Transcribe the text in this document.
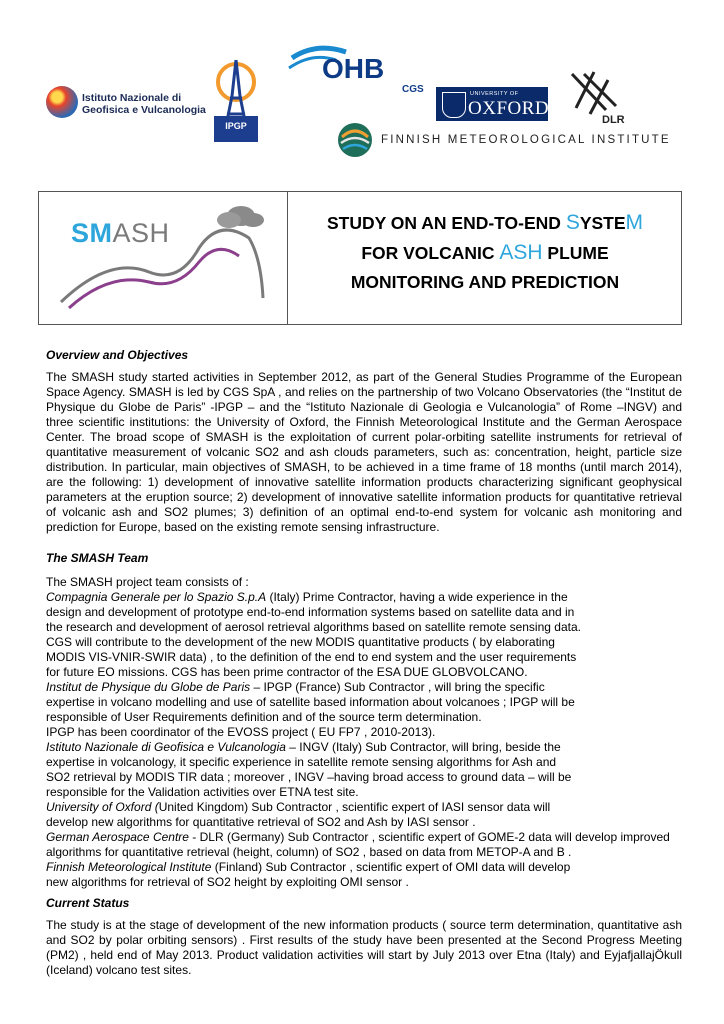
Istituto Nazionale di
Geofisica e Vulcanologia
IPGP
OHB
CGS	UNIVERSITY OF
OXFORD
DLR
FINNISH METEOROLOGICAL INSTITUTE
SMASH	STUDY ON AN END-TO-END SYSTEM
FOR VOLCANIC ASH PLUME
MONITORING AND PREDICTION
Overview and Objectives

The SMASH study started activities in September 2012, as part of the General Studies Programme of the European Space Agency. SMASH is led by CGS SpA , and relies on the partnership of two Volcano Observatories (the “Institut de Physique du Globe de Paris” -IPGP – and the “Istituto Nazionale di Geologia e Vulcanologia” of Rome –INGV) and three scientific institutions: the University of Oxford, the Finnish Meteorological Institute and the German Aerospace Center. The broad scope of SMASH is the exploitation of current polar-orbiting satellite instruments for retrieval of quantitative measurement of volcanic SO2 and ash clouds parameters, such as: concentration, height, particle size distribution. In particular, main objectives of SMASH, to be achieved in a time frame of 18 months (until march 2014), are the following: 1) development of innovative satellite information products characterizing significant geophysical parameters at the eruption source; 2) development of innovative satellite information products for quantitative retrieval of volcanic ash and SO2 plumes; 3) definition of an optimal end-to-end system for volcanic ash monitoring and prediction for Europe, based on the existing remote sensing infrastructure.

The SMASH Team

The SMASH project team consists of :

Compagnia Generale per lo Spazio S.p.A (Italy) Prime Contractor, having a wide experience in the

design and development of prototype end-to-end information systems based on satellite data and in

the research and development of aerosol retrieval algorithms based on satellite remote sensing data.

CGS will contribute to the development of the new MODIS quantitative products ( by elaborating

MODIS VIS-VNIR-SWIR data) , to the definition of the end to end system and the user requirements

for future EO missions. CGS has been prime contractor of the ESA DUE GLOBVOLCANO.

Institut de Physique du Globe de Paris – IPGP (France) Sub Contractor , will bring the specific

expertise in volcano modelling and use of satellite based information about volcanoes ; IPGP will be

responsible of User Requirements definition and of the source term determination.

IPGP has been coordinator of the EVOSS project ( EU FP7 , 2010-2013).

Istituto Nazionale di Geofisica e Vulcanologia – INGV (Italy) Sub Contractor, will bring, beside the

expertise in volcanology, it specific experience in satellite remote sensing algorithms for Ash and

SO2 retrieval by MODIS TIR data ; moreover , INGV –having broad access to ground data – will be

responsible for the Validation activities over ETNA test site.

University of Oxford (United Kingdom) Sub Contractor , scientific expert of IASI sensor data will

develop new algorithms for quantitative retrieval of SO2 and Ash by IASI sensor .

German Aerospace Centre - DLR (Germany) Sub Contractor , scientific expert of GOME-2 data will develop improved

algorithms for quantitative retrieval (height, column) of SO2 , based on data from METOP-A and B .

Finnish Meteorological Institute (Finland) Sub Contractor , scientific expert of OMI data will develop

new algorithms for retrieval of SO2 height by exploiting OMI sensor .

Current Status

The study is at the stage of development of the new information products ( source term determination, quantitative ash and SO2 by polar orbiting sensors) . First results of the study have been presented at the Second Progress Meeting (PM2) , held end of May 2013. Product validation activities will start by July 2013 over Etna (Italy) and EyjafjallajÖkull (Iceland) volcano test sites.
